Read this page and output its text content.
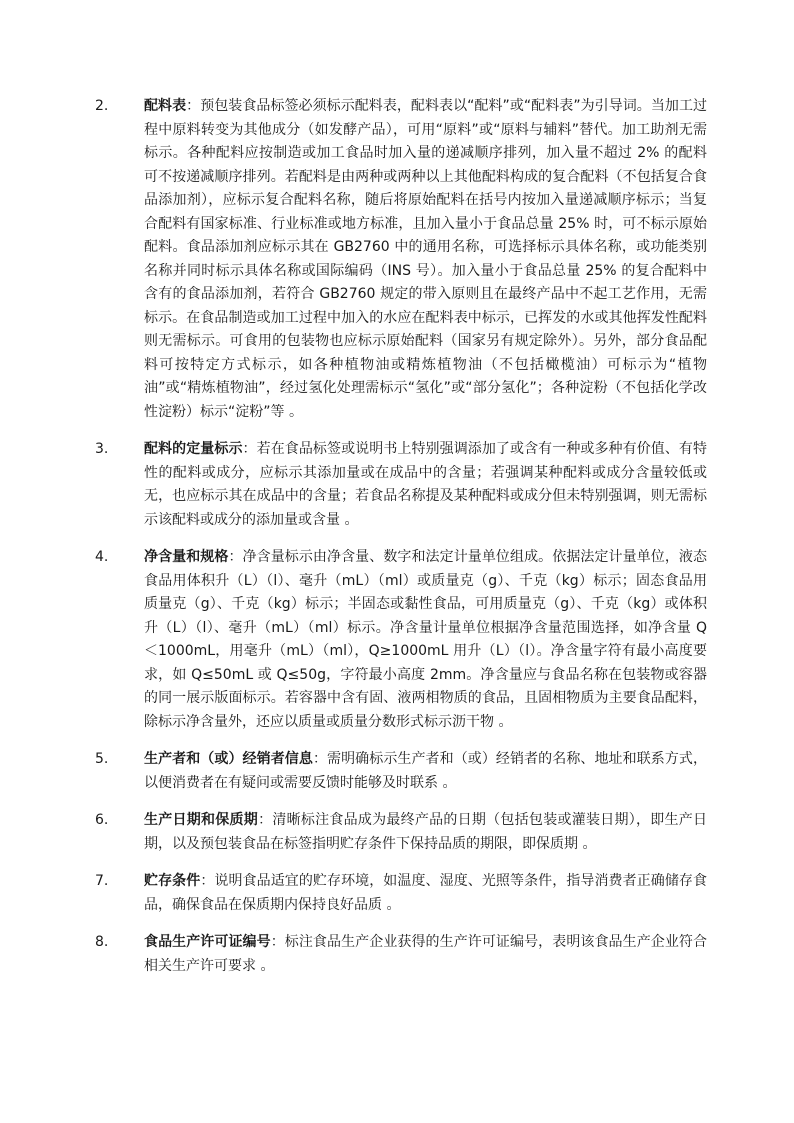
2.	配料表：预包装食品标签必须标示配料表，配料表以“配料”或“配料表”为引导词。当加工过程中原料转变为其他成分（如发酵产品），可用“原料”或“原料与辅料”替代。加工助剂无需标示。各种配料应按制造或加工食品时加入量的递减顺序排列，加入量不超过 2% 的配料可不按递减顺序排列。若配料是由两种或两种以上其他配料构成的复合配料（不包括复合食品添加剂），应标示复合配料名称，随后将原始配料在括号内按加入量递减顺序标示；当复合配料有国家标准、行业标准或地方标准，且加入量小于食品总量 25% 时，可不标示原始配料。食品添加剂应标示其在 GB2760 中的通用名称，可选择标示具体名称，或功能类别名称并同时标示具体名称或国际编码（INS 号）。加入量小于食品总量 25% 的复合配料中含有的食品添加剂，若符合 GB2760 规定的带入原则且在最终产品中不起工艺作用，无需标示。在食品制造或加工过程中加入的水应在配料表中标示，已挥发的水或其他挥发性配料则无需标示。可食用的包装物也应标示原始配料（国家另有规定除外）。另外，部分食品配料可按特定方式标示，如各种植物油或精炼植物油（不包括橄榄油）可标示为“植物油”或“精炼植物油”，经过氢化处理需标示“氢化”或“部分氢化”；各种淀粉（不包括化学改性淀粉）标示“淀粉”等 。
3.	配料的定量标示：若在食品标签或说明书上特别强调添加了或含有一种或多种有价值、有特性的配料或成分，应标示其添加量或在成品中的含量；若强调某种配料或成分含量较低或无，也应标示其在成品中的含量；若食品名称提及某种配料或成分但未特别强调，则无需标示该配料或成分的添加量或含量 。
4.	净含量和规格：净含量标示由净含量、数字和法定计量单位组成。依据法定计量单位，液态食品用体积升（L）（l）、毫升（mL）（ml）或质量克（g）、千克（kg）标示；固态食品用质量克（g）、千克（kg）标示；半固态或黏性食品，可用质量克（g）、千克（kg）或体积升（L）（l）、毫升（mL）（ml）标示。净含量计量单位根据净含量范围选择，如净含量 Q＜1000mL，用毫升（mL）（ml），Q≥1000mL 用升（L）（l）。净含量字符有最小高度要求，如 Q≤50mL 或 Q≤50g，字符最小高度 2mm。净含量应与食品名称在包装物或容器的同一展示版面标示。若容器中含有固、液两相物质的食品，且固相物质为主要食品配料，除标示净含量外，还应以质量或质量分数形式标示沥干物 。
5.	生产者和（或）经销者信息：需明确标示生产者和（或）经销者的名称、地址和联系方式，以便消费者在有疑问或需要反馈时能够及时联系 。
6.	生产日期和保质期：清晰标注食品成为最终产品的日期（包括包装或灌装日期），即生产日期，以及预包装食品在标签指明贮存条件下保持品质的期限，即保质期 。
7.	贮存条件：说明食品适宜的贮存环境，如温度、湿度、光照等条件，指导消费者正确储存食品，确保食品在保质期内保持良好品质 。
8.	食品生产许可证编号：标注食品生产企业获得的生产许可证编号，表明该食品生产企业符合相关生产许可要求 。
